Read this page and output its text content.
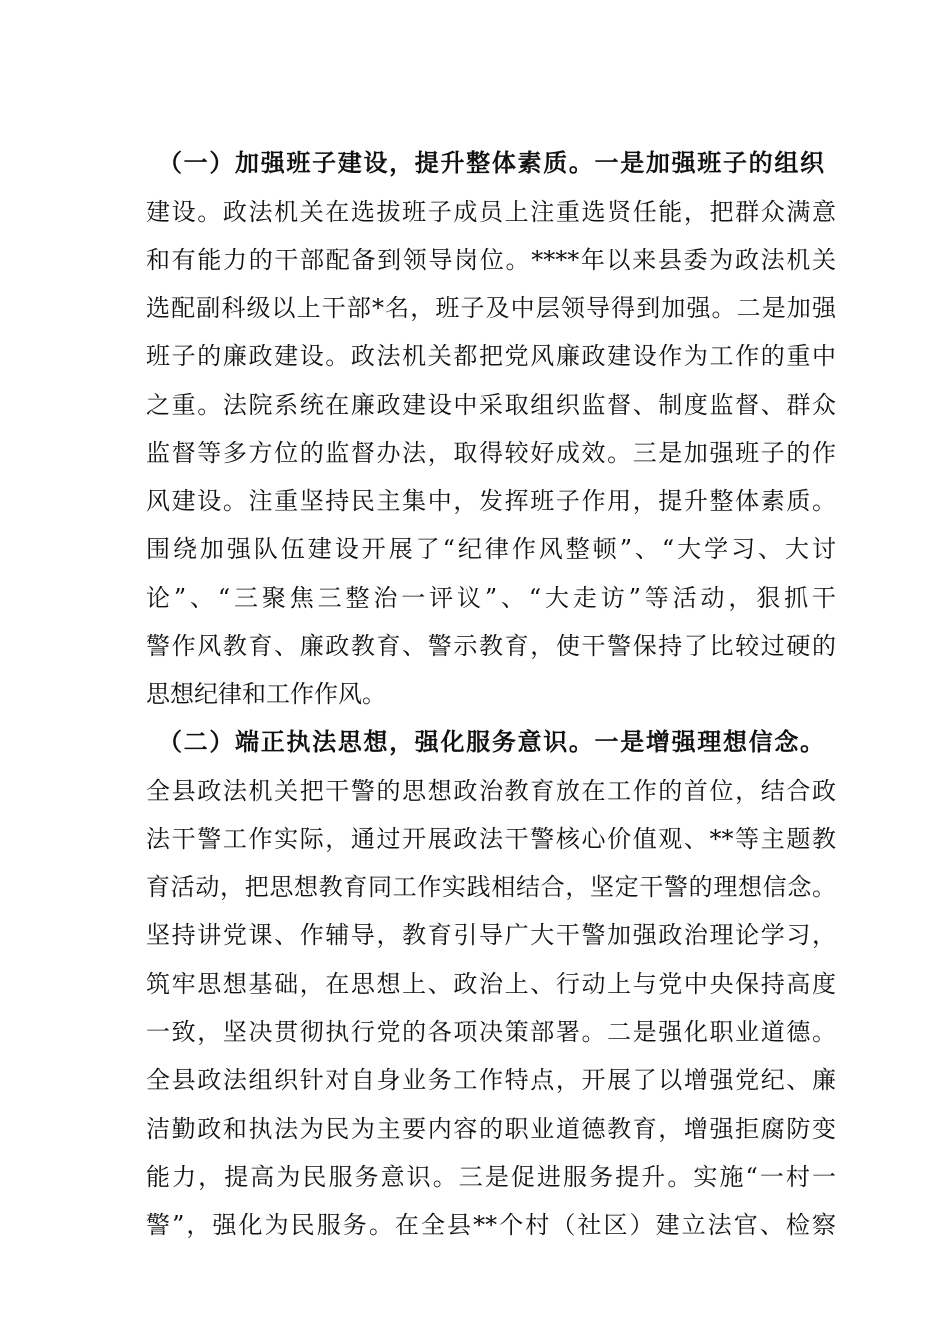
（一）加强班子建设，提升整体素质。一是加强班子的组织
建设。政法机关在选拔班子成员上注重选贤任能，把群众满意
和有能力的干部配备到领导岗位。****年以来县委为政法机关
选配副科级以上干部*名，班子及中层领导得到加强。二是加强
班子的廉政建设。政法机关都把党风廉政建设作为工作的重中
之重。法院系统在廉政建设中采取组织监督、制度监督、群众
监督等多方位的监督办法，取得较好成效。三是加强班子的作
风建设。注重坚持民主集中，发挥班子作用，提升整体素质。
围绕加强队伍建设开展了“纪律作风整顿”、“大学习、大讨
论”、“三聚焦三整治一评议”、“大走访”等活动，狠抓干
警作风教育、廉政教育、警示教育，使干警保持了比较过硬的
思想纪律和工作作风。
（二）端正执法思想，强化服务意识。一是增强理想信念。
全县政法机关把干警的思想政治教育放在工作的首位，结合政
法干警工作实际，通过开展政法干警核心价值观、**等主题教
育活动，把思想教育同工作实践相结合，坚定干警的理想信念。
坚持讲党课、作辅导，教育引导广大干警加强政治理论学习，
筑牢思想基础，在思想上、政治上、行动上与党中央保持高度
一致，坚决贯彻执行党的各项决策部署。二是强化职业道德。
全县政法组织针对自身业务工作特点，开展了以增强党纪、廉
洁勤政和执法为民为主要内容的职业道德教育，增强拒腐防变
能力，提高为民服务意识。三是促进服务提升。实施“一村一
警”，强化为民服务。在全县**个村（社区）建立法官、检察
